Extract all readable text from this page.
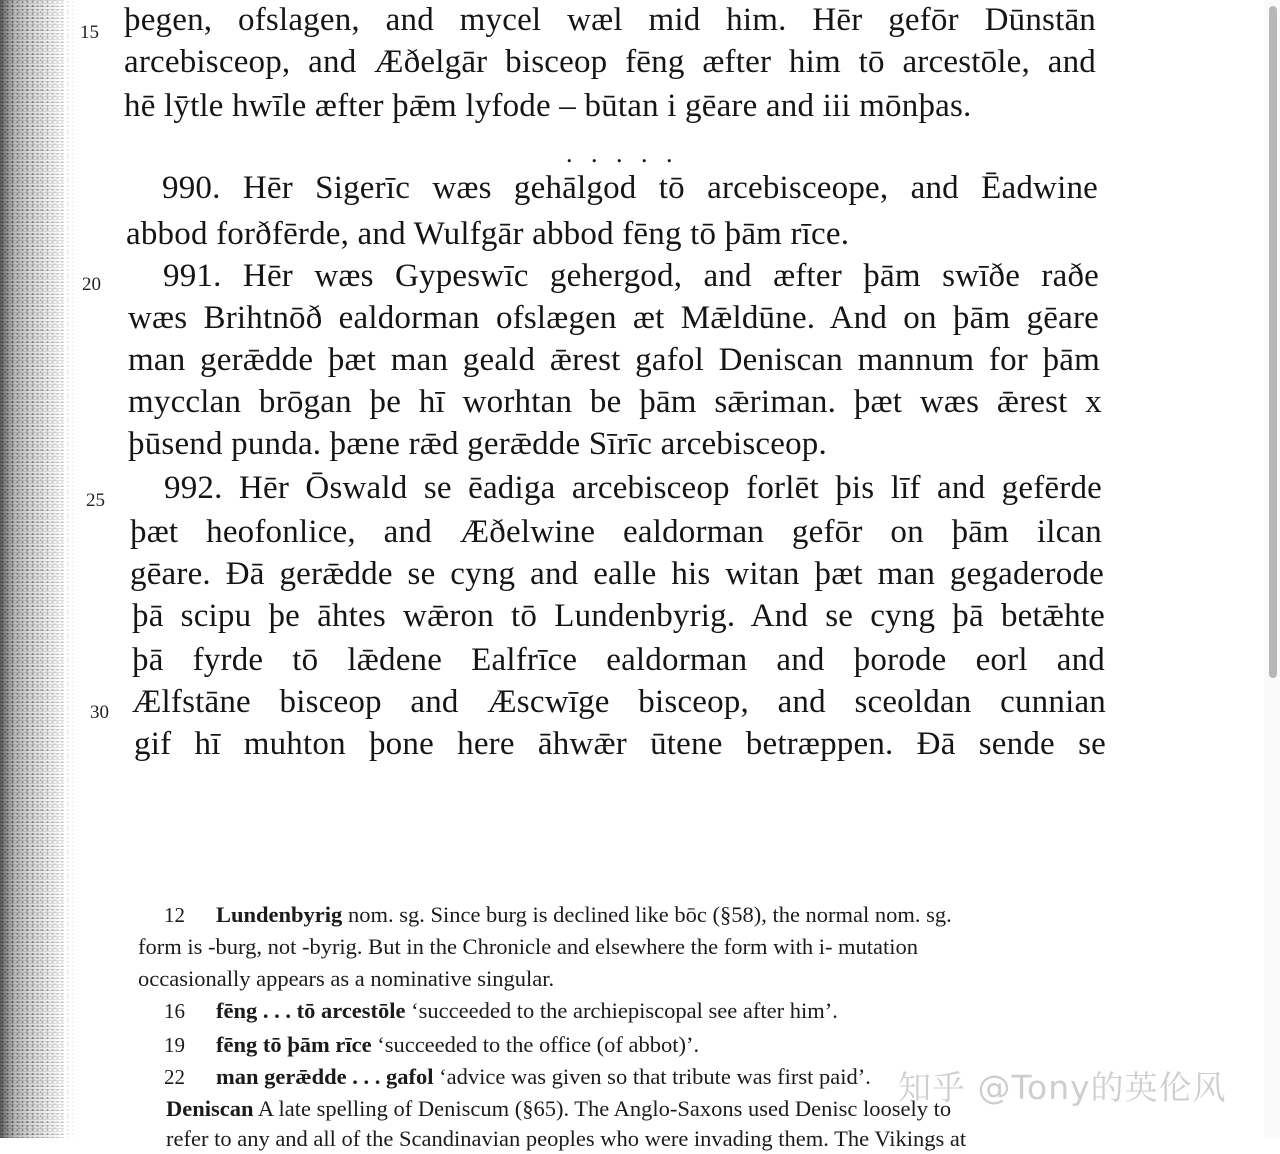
þegen, ofslagen, and mycel wæl mid him. Hēr gefōr Dūnstān
arcebisceop, and Æðelgār bisceop fēng æfter him tō arcestōle, and
hē lȳtle hwīle æfter þǣm lyfode – būtan i gēare and iii mōnþas.
. . . . .
990. Hēr Sigerīc wæs gehālgod tō arcebisceope, and Ēadwine
abbod forðfērde, and Wulfgār abbod fēng tō þām rīce.
991. Hēr wæs Gypeswīc gehergod, and æfter þām swīðe raðe
wæs Brihtnōð ealdorman ofslægen æt Mǣldūne. And on þām gēare
man gerǣdde þæt man geald ǣrest gafol Deniscan mannum for þām
mycclan brōgan þe hī worhtan be þām sǣriman. þæt wæs ǣrest x
þūsend punda. þæne rǣd gerǣdde Sīrīc arcebisceop.
992. Hēr Ōswald se ēadiga arcebisceop forlēt þis līf and gefērde
þæt heofonlice, and Æðelwine ealdorman gefōr on þām ilcan
gēare. Đā gerǣdde se cyng and ealle his witan þæt man gegaderode
þā scipu þe āhtes wǣron tō Lundenbyrig. And se cyng þā betǣhte
þā fyrde tō lǣdene Ealfrīce ealdorman and þorode eorl and
Ælfstāne bisceop and Æscwīge bisceop, and sceoldan cunnian
gif hī muhton þone here āhwǣr ūtene betræppen. Đā sende se
15
20
25
30
12 Lundenbyrig nom. sg. Since burg is declined like bōc (§58), the normal nom. sg.
form is -burg, not -byrig. But in the Chronicle and elsewhere the form with i- mutation
occasionally appears as a nominative singular.
16 fēng . . . tō arcestōle ‘succeeded to the archiepiscopal see after him’.
19 fēng tō þām rīce ‘succeeded to the office (of abbot)’.
22 man gerǣdde . . . gafol ‘advice was given so that tribute was first paid’.
Deniscan A late spelling of Deniscum (§65). The Anglo-Saxons used Denisc loosely to
refer to any and all of the Scandinavian peoples who were invading them. The Vikings at
知乎 @Tony的英伦风
